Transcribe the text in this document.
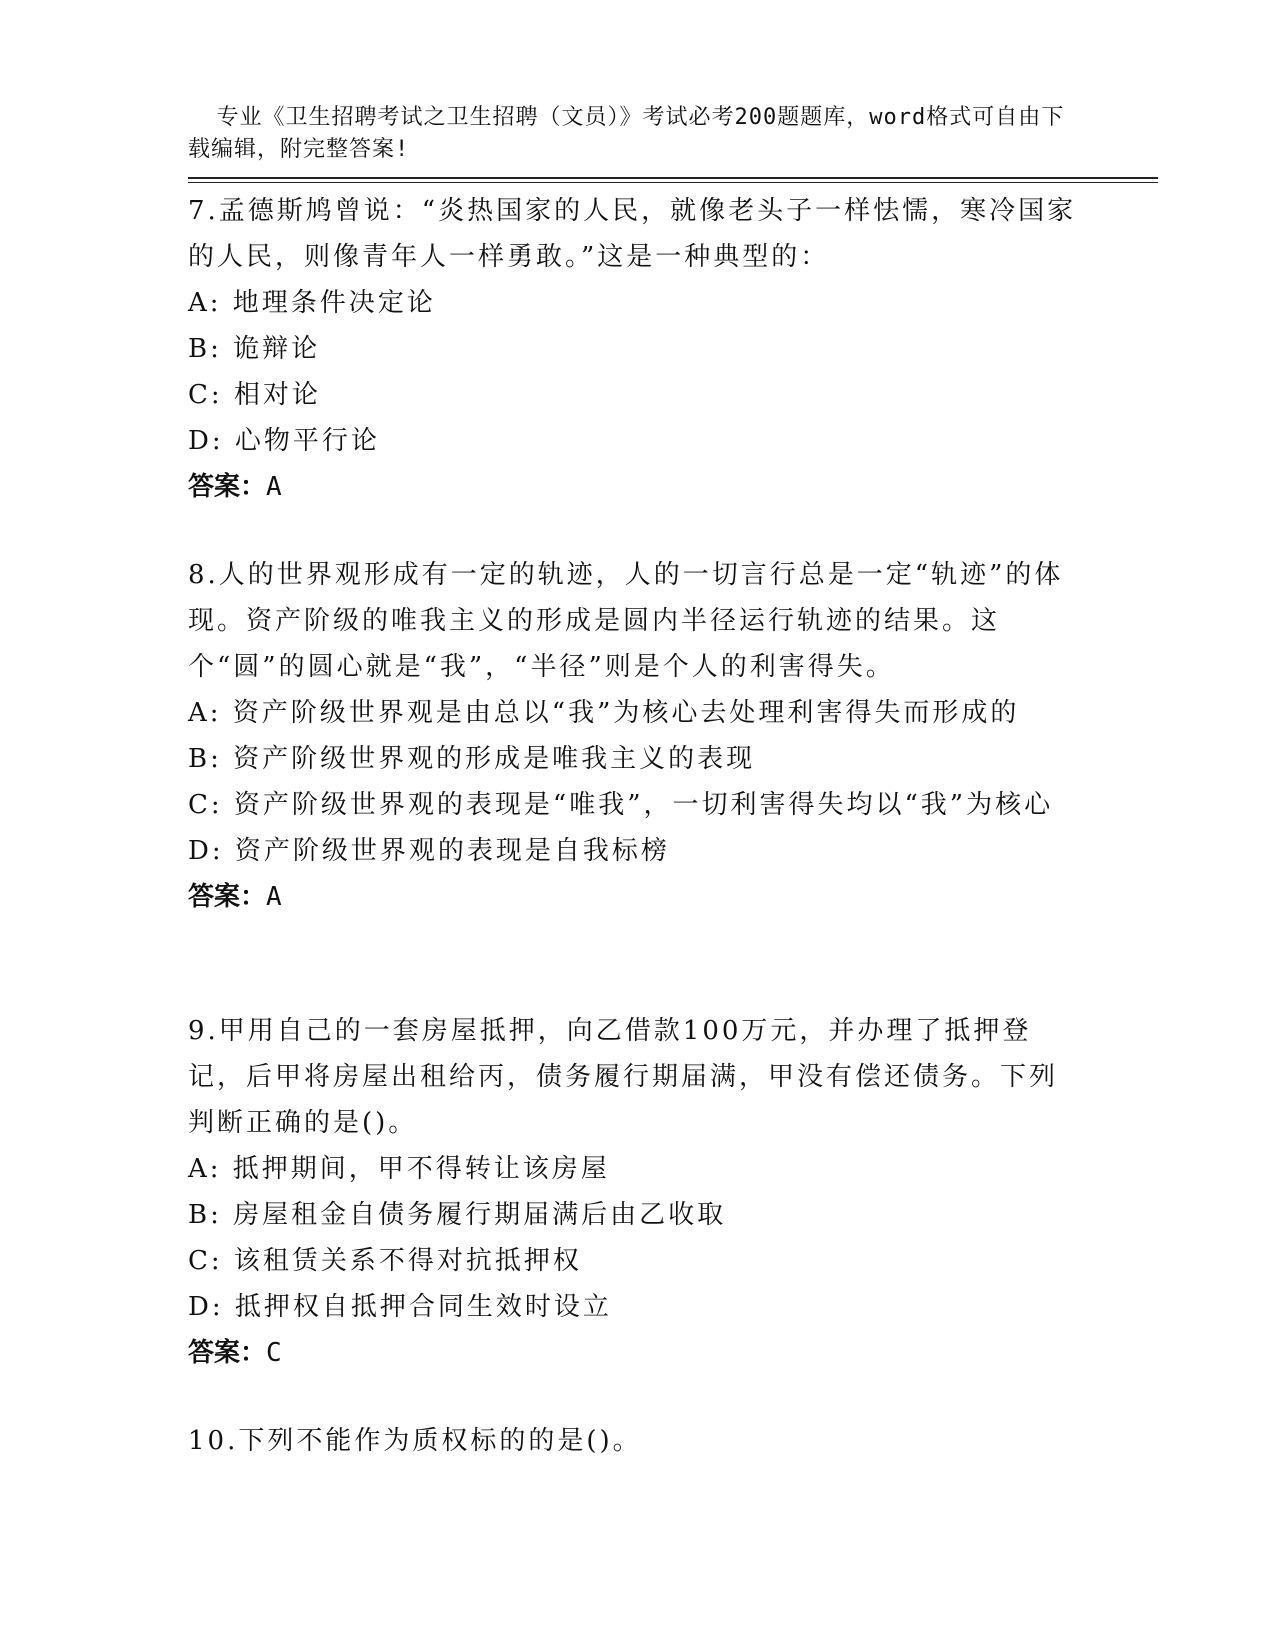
专业《卫生招聘考试之卫生招聘（文员）》考试必考200题题库，word格式可自由下载编辑，附完整答案!

7.孟德斯鸠曾说：“炎热国家的人民，就像老头子一样怯懦，寒冷国家的人民，则像青年人一样勇敢。”这是一种典型的：

A: 地理条件决定论

B: 诡辩论

C: 相对论

D: 心物平行论

答案：A

8.人的世界观形成有一定的轨迹，人的一切言行总是一定“轨迹”的体现。资产阶级的唯我主义的形成是圆内半径运行轨迹的结果。这个“圆”的圆心就是“我”，“半径”则是个人的利害得失。

A: 资产阶级世界观是由总以“我”为核心去处理利害得失而形成的

B: 资产阶级世界观的形成是唯我主义的表现

C: 资产阶级世界观的表现是“唯我”，一切利害得失均以“我”为核心

D: 资产阶级世界观的表现是自我标榜

答案：A

9.甲用自己的一套房屋抵押，向乙借款100万元，并办理了抵押登记，后甲将房屋出租给丙，债务履行期届满，甲没有偿还债务。下列判断正确的是()。

A: 抵押期间，甲不得转让该房屋

B: 房屋租金自债务履行期届满后由乙收取

C: 该租赁关系不得对抗抵押权

D: 抵押权自抵押合同生效时设立

答案：C

10.下列不能作为质权标的的是()。
